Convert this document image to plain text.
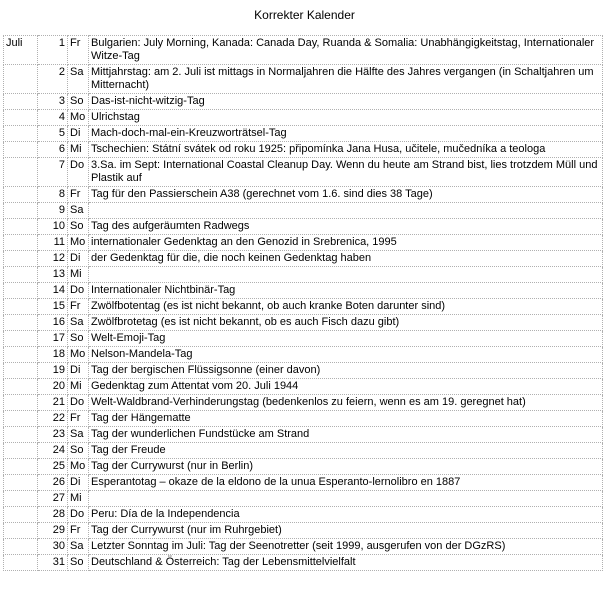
Korrekter Kalender
Juli	1	Fr	Bulgarien: July Morning, Kanada: Canada Day, Ruanda & Somalia: Unabhängigkeitstag, Internationaler Witze-Tag
	2	Sa	Mittjahrstag: am 2. Juli ist mittags in Normaljahren die Hälfte des Jahres vergangen (in Schaltjahren um Mitternacht)
	3	So	Das-ist-nicht-witzig-Tag
	4	Mo	Ulrichstag
	5	Di	Mach-doch-mal-ein-Kreuzworträtsel-Tag
	6	Mi	Tschechien: Státní svátek od roku 1925: připomínka Jana Husa, učitele, mučedníka a teologa
	7	Do	3.Sa. im Sept: International Coastal Cleanup Day. Wenn du heute am Strand bist, lies trotzdem Müll und Plastik auf
	8	Fr	Tag für den Passierschein A38 (gerechnet vom 1.6. sind dies 38 Tage)
	9	Sa	
	10	So	Tag des aufgeräumten Radwegs
	11	Mo	internationaler Gedenktag an den Genozid in Srebrenica, 1995
	12	Di	der Gedenktag für die, die noch keinen Gedenktag haben
	13	Mi	
	14	Do	Internationaler Nichtbinär-Tag
	15	Fr	Zwölfbotentag (es ist nicht bekannt, ob auch kranke Boten darunter sind)
	16	Sa	Zwölfbrotetag (es ist nicht bekannt, ob es auch Fisch dazu gibt)
	17	So	Welt-Emoji-Tag
	18	Mo	Nelson-Mandela-Tag
	19	Di	Tag der bergischen Flüssigsonne (einer davon)
	20	Mi	Gedenktag zum Attentat vom 20. Juli 1944
	21	Do	Welt-Waldbrand-Verhinderungstag (bedenkenlos zu feiern, wenn es am 19. geregnet hat)
	22	Fr	Tag der Hängematte
	23	Sa	Tag der wunderlichen Fundstücke am Strand
	24	So	Tag der Freude
	25	Mo	Tag der Currywurst (nur in Berlin)
	26	Di	Esperantotag – okaze de la eldono de la unua Esperanto-lernolibro en 1887
	27	Mi	
	28	Do	Peru: Día de la Independencia
	29	Fr	Tag der Currywurst (nur im Ruhrgebiet)
	30	Sa	Letzter Sonntag im Juli: Tag der Seenotretter (seit 1999, ausgerufen von der DGzRS)
	31	So	Deutschland & Österreich: Tag der Lebensmittelvielfalt
